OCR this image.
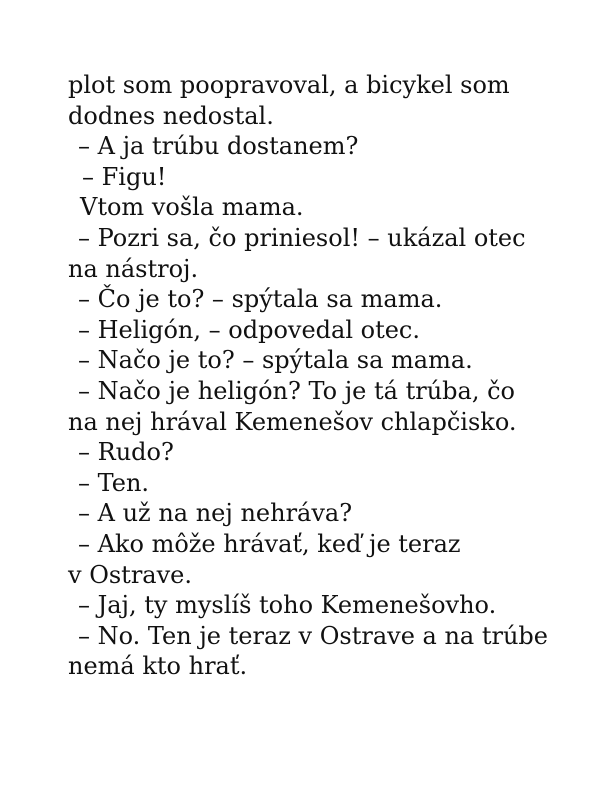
plot som poopravoval, a bicykel som
dodnes nedostal.
– A ja trúbu dostanem?
– Figu!
Vtom vošla mama.
– Pozri sa, čo priniesol! – ukázal otec
na nástroj.
– Čo je to? – spýtala sa mama.
– Heligón, – odpovedal otec.
– Načo je to? – spýtala sa mama.
– Načo je heligón? To je tá trúba, čo
na nej hrával Kemenešov chlapčisko.
– Rudo?
– Ten.
– A už na nej nehráva?
– Ako môže hrávať, keď je teraz
v Ostrave.
– Jaj, ty myslíš toho Kemenešovho.
– No. Ten je teraz v Ostrave a na trúbe
nemá kto hrať.
